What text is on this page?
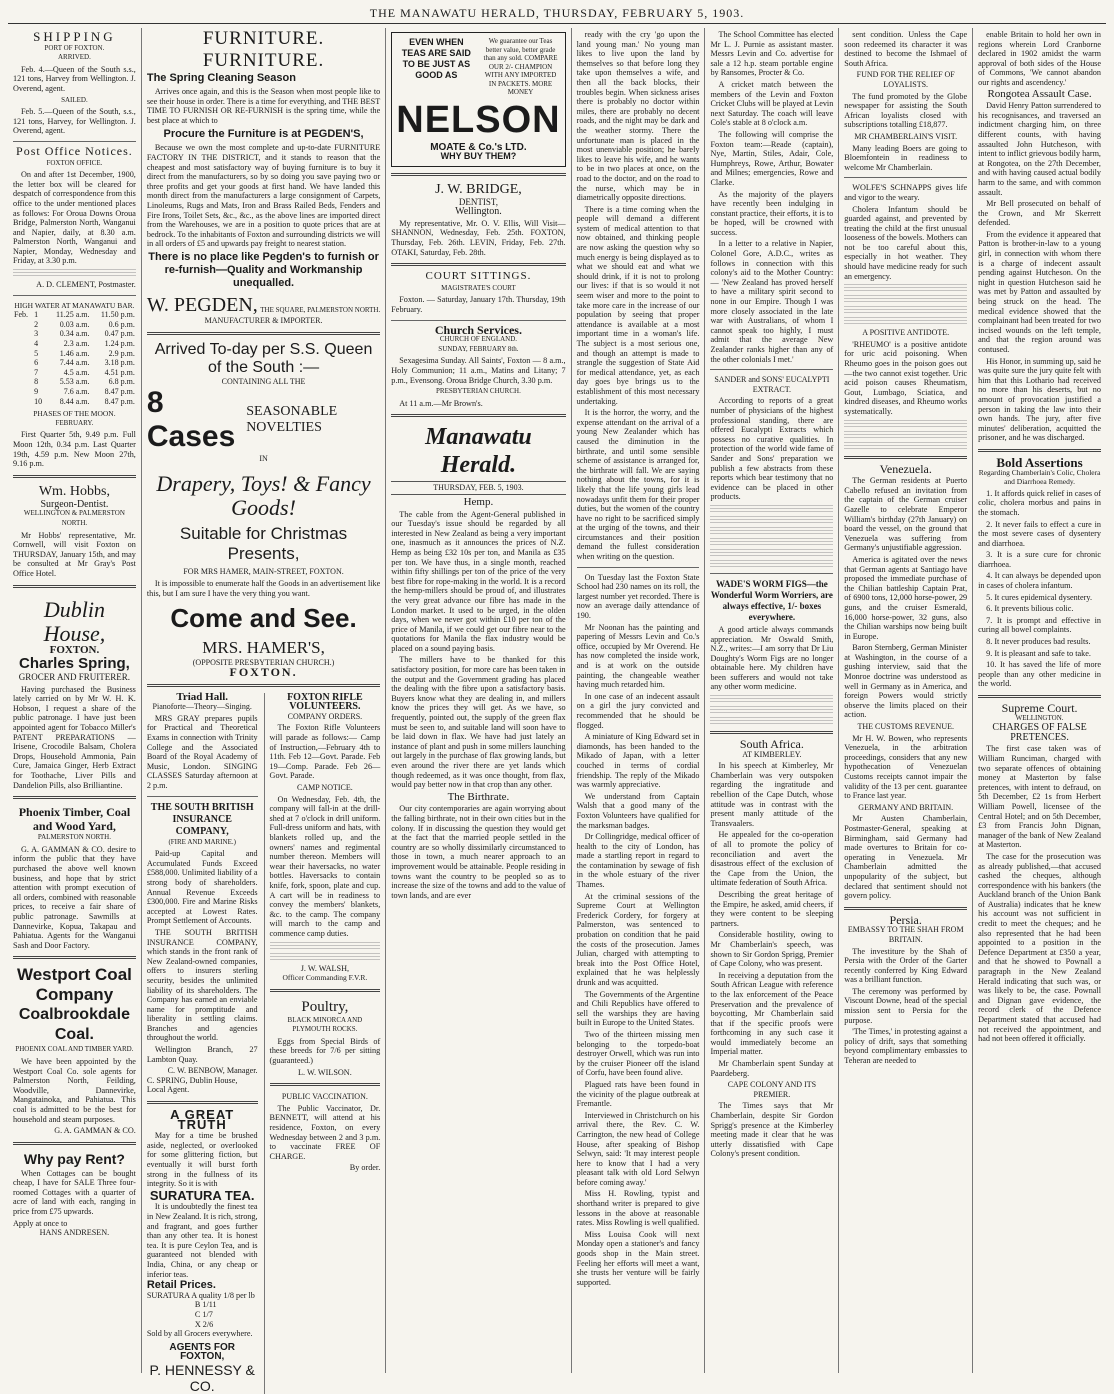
THE MANAWATU HERALD, THURSDAY, FEBRUARY 5, 1903.
SHIPPING
PORT OF FOXTON.
ARRIVED.

Feb. 4.—Queen of the South s.s., 121 tons, Harvey from Wellington. J. Overend, agent.

SAILED.

Feb. 5.—Queen of the South, s.s., 121 tons, Harvey, for Wellington. J. Overend, agent.

Post Office Notices.
FOXTON OFFICE.

On and after 1st December, 1900, the letter box will be cleared for despatch of correspondence from this office to the under mentioned places as follows: For Oroua Downs Oroua Bridge, Palmerston North, Wanganui and Napier, daily, at 8.30 a.m. Palmerston North, Wanganui and Napier, Monday, Wednesday and Friday, at 3.30 p.m.

A. D. CLEMENT, Postmaster.
HIGH WATER AT MANAWATU BAR.
Feb.	1	11.25 a.m.	11.50 p.m.
	2	0.03 a.m.	0.6 p.m.
	3	0.34 a.m.	0.47 p.m.
	4	2.3 a.m.	1.24 p.m.
	5	1.46 a.m.	2.9 p.m.
	6	7.44 a.m.	3.18 p.m.
	7	4.5 a.m.	4.51 p.m.
	8	5.53 a.m.	6.8 p.m.
	9	7.6 a.m.	8.47 p.m.
	10	8.44 a.m.	8.47 p.m.
PHASES OF THE MOON.
FEBRUARY.

First Quarter 5th, 9.49 p.m. Full Moon 12th, 0.34 p.m. Last Quarter 19th, 4.59 p.m. New Moon 27th, 9.16 p.m.

Wm. Hobbs,
Surgeon-Dentist.
WELLINGTON & PALMERSTON NORTH.

Mr Hobbs' representative, Mr. Cornwell, will visit Foxton on THURSDAY, January 15th, and may be consulted at Mr Gray's Post Office Hotel.

Dublin House,
FOXTON.
Charles Spring,
GROCER AND FRUITERER.

Having purchased the Business lately carried on by Mr W. H. K. Hobson, I request a share of the public patronage. I have just been appointed agent for Tobacco Miller's PATENT PREPARATIONS — Irisene, Crocodile Balsam, Cholera Drops, Household Ammonia, Pain Cure, Jamaica Ginger, Herb Extract for Toothache, Liver Pills and Dandelion Pills, also Brilliantine.

Phoenix Timber, Coal and Wood Yard,
PALMERSTON NORTH.

G. A. GAMMAN & CO. desire to inform the public that they have purchased the above well known business, and hope that by strict attention with prompt execution of all orders, combined with reasonable prices, to receive a fair share of public patronage. Sawmills at Dannevirke, Kopua, Takapau and Pahiatua. Agents for the Wanganui Sash and Door Factory.

Westport Coal Company
Coalbrookdale Coal.
PHOENIX COAL AND TIMBER YARD.

We have been appointed by the Westport Coal Co. sole agents for Palmerston North, Feilding, Woodville, Dannevirke, Mangatainoka, and Pahiatua. This coal is admitted to be the best for household and steam purposes.

G. A. GAMMAN & CO.
Why pay Rent?

When Cottages can be bought cheap, I have for SALE Three four-roomed Cottages with a quarter of acre of land with each, ranging in price from £75 upwards.

Apply at once to
HANS ANDRESEN.
FURNITURE. FURNITURE.
The Spring Cleaning Season

Arrives once again, and this is the Season when most people like to see their house in order. There is a time for everything, and THE BEST TIME TO FURNISH OR RE-FURNISH is the spring time, while the best place at which to

Procure the Furniture is at PEGDEN'S,

Because we own the most complete and up-to-date FURNITURE FACTORY IN THE DISTRICT, and it stands to reason that the cheapest and most satisfactory way of buying furniture is to buy it direct from the manufacturers, so by so doing you save paying two or three profits and get your goods at first hand. We have landed this month direct from the manufacturers a large consignment of Carpets, Linoleums, Rugs and Mats, Iron and Brass Railed Beds, Fenders and Fire Irons, Toilet Sets, &c., &c., as the above lines are imported direct from the Warehouses, we are in a position to quote prices that are at bedrock. To the inhabitants of Foxton and surrounding districts we will in all orders of £5 and upwards pay freight to nearest station.

There is no place like Pegden's to furnish or re-furnish—Quality and Workmanship unequalled.
W. PEGDEN, THE SQUARE, PALMERSTON NORTH.
MANUFACTURER & IMPORTER.
Arrived To-day per S.S. Queen of the South :—
CONTAINING ALL THE
8 Cases
SEASONABLE NOVELTIES
IN
Drapery, Toys! & Fancy Goods!
Suitable for Christmas Presents,
FOR MRS HAMER, MAIN-STREET, FOXTON.

It is impossible to enumerate half the Goods in an advertisement like this, but I am sure I have the very thing you want.

Come and See.
MRS. HAMER'S,
(OPPOSITE PRESBYTERIAN CHURCH.)
FOXTON.
Triad Hall.
Pianoforte—Theory—Singing.

MRS GRAY prepares pupils for Practical and Theoretical Exams in connection with Trinity College and the Associated Board of the Royal Academy of Music, London. SINGING CLASSES Saturday afternoon at 2 p.m.

THE SOUTH BRITISH INSURANCE COMPANY,
(FIRE AND MARINE.)

Paid-up Capital and Accumulated Funds Exceed £588,000. Unlimited liability of a strong body of shareholders. Annual Revenue Exceeds £300,000. Fire and Marine Risks accepted at Lowest Rates. Prompt Settlement of Accounts.

THE SOUTH BRITISH INSURANCE COMPANY, which stands in the front rank of New Zealand-owned companies, offers to insurers sterling security, besides the unlimited liability of its shareholders. The Company has earned an enviable name for promptitude and liberality in settling claims. Branches and agencies throughout the world.

Wellington Branch, 27 Lambton Quay.

C. W. BENBOW, Manager.
C. SPRING, Dublin House, Local Agent.
A GREAT TRUTH

May for a time be brushed aside, neglected, or overlooked for some glittering fiction, but eventually it will burst forth strong in the fullness of its integrity. So it is with

SURATURA TEA.

It is undoubtedly the finest tea in New Zealand. It is rich, strong, and fragrant, and goes further than any other tea. It is honest tea. It is pure Ceylon Tea, and is guaranteed not blended with India, China, or any cheap or inferior teas.

Retail Prices.
SURATURA A quality 1/8 per lb
B 1/11
C 1/7
X 2/6
Sold by all Grocers everywhere.
AGENTS FOR FOXTON,
P. HENNESSY & CO.
FOXTON RIFLE VOLUNTEERS.
COMPANY ORDERS.

The Foxton Rifle Volunteers will parade as follows:— Camp of Instruction,—February 4th to 11th. Feb 12—Govt. Parade. Feb 19—Comp. Parade. Feb 26—Govt. Parade.

CAMP NOTICE.

On Wednesday, Feb. 4th, the company will fall-in at the drill-shed at 7 o'clock in drill uniform. Full-dress uniform and hats, with blankets rolled up, and the owners' names and regimental number thereon. Members will wear their haversacks, no water bottles. Haversacks to contain knife, fork, spoon, plate and cup. A cart will be in readiness to convey the members' blankets, &c. to the camp. The company will march to the camp and commence camp duties.

J. W. WALSH,
Officer Commanding F.V.R.
Poultry,
BLACK MINORCA AND PLYMOUTH ROCKS.

Eggs from Special Birds of these breeds for 7/6 per sitting (guaranteed.)

L. W. WILSON.
PUBLIC VACCINATION.

The Public Vaccinator, Dr. BENNETT, will attend at his residence, Foxton, on every Wednesday between 2 and 3 p.m. to vaccinate FREE OF CHARGE.

By order.
EVEN WHEN TEAS ARE SAID TO BE JUST AS GOOD AS
We guarantee our Teas better value, better grade than any sold. COMPARE OUR 2/- CHAMPION WITH ANY IMPORTED IN PACKETS. MORE MONEY
NELSON
MOATE & Co.'s LTD.
WHY BUY THEM?
J. W. BRIDGE,
DENTIST,
Wellington.

My representative, Mr. O. V. Ellis, Will Visit— SHANNON, Wednesday, Feb. 25th. FOXTON, Thursday, Feb. 26th. LEVIN, Friday, Feb. 27th. OTAKI, Saturday, Feb. 28th.

COURT SITTINGS.
MAGISTRATE'S COURT

Foxton. — Saturday, January 17th. Thursday, 19th February.

Church Services.
CHURCH OF ENGLAND.
SUNDAY, FEBRUARY 8th.

Sexagesima Sunday. All Saints', Foxton — 8 a.m., Holy Communion; 11 a.m., Matins and Litany; 7 p.m., Evensong. Oroua Bridge Church, 3.30 p.m.

PRESBYTERIAN CHURCH.

At 11 a.m.—Mr Brown's.

Manawatu Herald.
THURSDAY, FEB. 5, 1903.
Hemp.

The cable from the Agent-General published in our Tuesday's issue should be regarded by all interested in New Zealand as being a very important one, inasmuch as it announces the prices of N.Z. Hemp as being £32 10s per ton, and Manila as £35 per ton. We have thus, in a single month, reached within fifty shillings per ton of the price of the very best fibre for rope-making in the world. It is a record the hemp-millers should be proud of, and illustrates the very great advance our fibre has made in the London market. It used to be urged, in the olden days, when we never got within £10 per ton of the price of Manila, if we could get our fibre near to the quotations for Manila the flax industry would be placed on a sound paying basis.

The millers have to be thanked for this satisfactory position, for more care has been taken in the output and the Government grading has placed the dealing with the fibre upon a satisfactory basis. Buyers know what they are dealing in, and millers know the prices they will get. As we have, so frequently, pointed out, the supply of the green flax must be seen to, and suitable land will soon have to be laid down in flax. We have had just lately an instance of plant and push in some millers launching out largely in the purchase of flax growing lands, but even around the river there are yet lands which though redeemed, as it was once thought, from flax, would pay better now in that crop than any other.

The Birthrate.

Our city contemporaries are again worrying about the falling birthrate, not in their own cities but in the colony. If in discussing the question they would get at the fact that the married people settled in the country are so wholly dissimilarly circumstanced to those in town, a much nearer approach to an improvement would be attainable. People residing in towns want the country to be peopled so as to increase the size of the towns and add to the value of town lands, and are ever

ready with the cry 'go upon the land young man.' No young man likes to live upon the land by themselves so that before long they take upon themselves a wife, and then all the back blocks, their troubles begin. When sickness arises there is probably no doctor within miles, there are probably no decent roads, and the night may be dark and the weather stormy. There the unfortunate man is placed in the most unenviable position; he barely likes to leave his wife, and he wants to be in two places at once, on the road to the doctor, and on the road to the nurse, which may be in diametrically opposite directions.

There is a time coming when the people will demand a different system of medical attention to that now obtained, and thinking people are now asking the question why so much energy is being displayed as to what we should eat and what we should drink, if it is not to prolong our lives: if that is so would it not seem wiser and more to the point to take more care in the increase of our population by seeing that proper attendance is available at a most important time in a woman's life. The subject is a most serious one, and though an attempt is made to strangle the suggestion of State Aid for medical attendance, yet, as each day goes bye brings us to the establishment of this most necessary undertaking.

It is the horror, the worry, and the expense attendant on the arrival of a young New Zealander which has caused the diminution in the birthrate, and until some sensible scheme of assistance is arranged for, the birthrate will fall. We are saying nothing about the towns, for it is likely that the life young girls lead nowadays unfit them for their proper duties, but the women of the country have no right to be sacrificed simply at the urging of the towns, and their circumstances and their position demand the fullest consideration when writing on the question.

On Tuesday last the Foxton State School had 230 names on its roll, the largest number yet recorded. There is now an average daily attendance of 190.

Mr Noonan has the painting and papering of Messrs Levin and Co.'s office, occupied by Mr Overend. He has now completed the inside work, and is at work on the outside painting, the changeable weather having much retarded him.

In one case of an indecent assault on a girl the jury convicted and recommended that he should be flogged.

A miniature of King Edward set in diamonds, has been handed to the Mikado of Japan, with a letter couched in terms of cordial friendship. The reply of the Mikado was warmly appreciative.

We understand from Captain Walsh that a good many of the Foxton Volunteers have qualified for the marksman badges.

Dr Collingridge, medical officer of health to the city of London, has made a startling report in regard to the contamination by sewage of fish in the whole estuary of the river Thames.

At the criminal sessions of the Supreme Court at Wellington Frederick Cordery, for forgery at Palmerston, was sentenced to probation on condition that he paid the costs of the prosecution. James Julian, charged with attempting to break into the Post Office Hotel, explained that he was helplessly drunk and was acquitted.

The Governments of the Argentine and Chili Republics have offered to sell the warships they are having built in Europe to the United States.

Two of the thirteen missing men belonging to the torpedo-boat destroyer Orwell, which was run into by the cruiser Pioneer off the island of Corfu, have been found alive.

Plagued rats have been found in the vicinity of the plague outbreak at Fremantle.

Interviewed in Christchurch on his arrival there, the Rev. C. W. Carrington, the new head of College House, after speaking of Bishop Selwyn, said: 'It may interest people here to know that I had a very pleasant talk with old Lord Selwyn before coming away.'

Miss H. Rowling, typist and shorthand writer is prepared to give lessons in the above at reasonable rates. Miss Rowling is well qualified.

Miss Louisa Cook will next Monday open a stationer's and fancy goods shop in the Main street. Feeling her efforts will meet a want, she trusts her venture will be fairly supported.

The School Committee has elected Mr L. J. Purnie as assistant master. Messrs Levin and Co. advertise for sale a 12 h.p. steam portable engine by Ransomes, Procter & Co.

A cricket match between the members of the Levin and Foxton Cricket Clubs will be played at Levin next Saturday. The coach will leave Cole's stable at 8 o'clock a.m.

The following will comprise the Foxton team:—Reade (captain), Nye, Martin, Stiles, Adair, Cole, Humphreys, Rowe, Arthur, Bowater and Milnes; emergencies, Rowe and Clarke.

As the majority of the players have recently been indulging in constant practice, their efforts, it is to be hoped, will be crowned with success.

In a letter to a relative in Napier, Colonel Gore, A.D.C., writes as follows in connection with this colony's aid to the Mother Country:— 'New Zealand has proved herself to have a military spirit second to none in our Empire. Though I was more closely associated in the late war with Australians, of whom I cannot speak too highly, I must admit that the average New Zealander ranks higher than any of the other colonials I met.'

SANDER and SONS' EUCALYPTI EXTRACT.

According to reports of a great number of physicians of the highest professional standing, there are offered Eucalypti Extracts which possess no curative qualities. In protection of the world wide fame of Sander and Sons' preparation we publish a few abstracts from these reports which bear testimony that no evidence can be placed in other products.

WADE'S WORM FIGS—the Wonderful Worm Worriers, are always effective, 1/- boxes everywhere.

A good article always commands appreciation. Mr Oswald Smith, N.Z., writes:—I am sorry that Dr Liu Doughty's Worm Figs are no longer obtainable here. My children have been sufferers and would not take any other worm medicine.

South Africa.
AT KIMBERLEY.

In his speech at Kimberley, Mr Chamberlain was very outspoken regarding the ingratitude and rebellion of the Cape Dutch, whose attitude was in contrast with the present manly attitude of the Transvaalers.

He appealed for the co-operation of all to promote the policy of reconciliation and avert the disastrous effect of the exclusion of the Cape from the Union, the ultimate federation of South Africa.

Describing the great heritage of the Empire, he asked, amid cheers, if they were content to be sleeping partners.

Considerable hostility, owing to Mr Chamberlain's speech, was shown to Sir Gordon Sprigg, Premier of Cape Colony, who was present.

In receiving a deputation from the South African League with reference to the lax enforcement of the Peace Preservation and the prevalence of boycotting, Mr Chamberlain said that if the specific proofs were forthcoming in any such case it would immediately become an Imperial matter.

Mr Chamberlain spent Sunday at Paardeberg.

CAPE COLONY AND ITS PREMIER.

The Times says that Mr Chamberlain, despite Sir Gordon Sprigg's presence at the Kimberley meeting made it clear that he was utterly dissatisfied with Cape Colony's present condition.

sent condition. Unless the Cape soon redeemed its character it was destined to become the Ishmael of South Africa.

FUND FOR THE RELIEF OF LOYALISTS.

The fund promoted by the Globe newspaper for assisting the South African loyalists closed with subscriptions totalling £18,877.

MR CHAMBERLAIN'S VISIT.

Many leading Boers are going to Bloemfontein in readiness to welcome Mr Chamberlain.

WOLFE'S SCHNAPPS gives life and vigor to the weary.

Cholera Infantum should be guarded against, and prevented by treating the child at the first unusual looseness of the bowels. Mothers can not be too careful about this, especially in hot weather. They should have medicine ready for such an emergency.

A POSITIVE ANTIDOTE.

'RHEUMO' is a positive antidote for uric acid poisoning. When Rheumo goes in the poison goes out—the two cannot exist together. Uric acid poison causes Rheumatism, Gout, Lumbago, Sciatica, and kindred diseases, and Rheumo works systematically.

Venezuela.

The German residents at Puerto Cabello refused an invitation from the captain of the German cruiser Gazelle to celebrate Emperor William's birthday (27th January) on board the vessel, on the ground that Venezuela was suffering from Germany's unjustifiable aggression.

America is agitated over the news that German agents at Santiago have proposed the immediate purchase of the Chilian battleship Captain Prat, of 6900 tons, 12,000 horse-power, 29 guns, and the cruiser Esmerald, 16,000 horse-power, 32 guns, also the Chilian warships now being built in Europe.

Baron Sternberg, German Minister at Washington, in the course of a gushing interview, said that the Monroe doctrine was understood as well in Germany as in America, and foreign Powers would strictly observe the limits placed on their action.

THE CUSTOMS REVENUE.

Mr H. W. Bowen, who represents Venezuela, in the arbitration proceedings, considers that any new hypothecation of Venezuelan Customs receipts cannot impair the validity of the 13 per cent. guarantee to France last year.

GERMANY AND BRITAIN.

Mr Austen Chamberlain, Postmaster-General, speaking at Birmingham, said Germany had made overtures to Britain for co-operating in Venezuela. Mr Chamberlain admitted the unpopularity of the subject, but declared that sentiment should not govern policy.

Persia.
EMBASSY TO THE SHAH FROM BRITAIN.

The investiture by the Shah of Persia with the Order of the Garter recently conferred by King Edward was a brilliant function.

The ceremony was performed by Viscount Downe, head of the special mission sent to Persia for the purpose.

'The Times,' in protesting against a policy of drift, says that something beyond complimentary embassies to Teheran are needed to

enable Britain to hold her own in regions wherein Lord Cranborne declared in 1902 amidst the warm approval of both sides of the House of Commons, 'We cannot abandon our rights and ascendency.'

Rongotea Assault Case.

David Henry Patton surrendered to his recognisances, and traversed an indictment charging him, on three different counts, with having assaulted John Hutcheson, with intent to inflict grievous bodily harm, at Rongotea, on the 27th December, and with having caused actual bodily harm to the same, and with common assault.

Mr Bell prosecuted on behalf of the Crown, and Mr Skerrett defended.

From the evidence it appeared that Patton is brother-in-law to a young girl, in connection with whom there is a charge of indecent assault pending against Hutcheson. On the night in question Hutcheson said he was met by Patton and assaulted by being struck on the head. The medical evidence showed that the complainant had been treated for two incised wounds on the left temple, and that the region around was contused.

His Honor, in summing up, said he was quite sure the jury quite felt with him that this Lothario had received no more than his deserts, but no amount of provocation justified a person in taking the law into their own hands. The jury, after five minutes' deliberation, acquitted the prisoner, and he was discharged.

Bold Assertions
Regarding Chamberlain's Colic, Cholera and Diarrhoea Remedy.

1. It affords quick relief in cases of colic, cholera morbus and pains in the stomach.

2. It never fails to effect a cure in the most severe cases of dysentery and diarrhoea.

3. It is a sure cure for chronic diarrhoea.

4. It can always be depended upon in cases of cholera infantum.

5. It cures epidemical dysentery.

6. It prevents bilious colic.

7. It is prompt and effective in curing all bowel complaints.

8. It never produces bad results.

9. It is pleasant and safe to take.

10. It has saved the life of more people than any other medicine in the world.

Supreme Court.
WELLINGTON.
CHARGES OF FALSE PRETENCES.

The first case taken was of William Runciman, charged with two separate offences of obtaining money at Masterton by false pretences, with intent to defraud, on 5th December, £2 1s from Herbert William Powell, licensee of the Central Hotel; and on 5th December, £3 from Francis John Dignan, manager of the bank of New Zealand at Masterton.

The case for the prosecution was as already published,—that accused cashed the cheques, although correspondence with his bankers (the Auckland branch of the Union Bank of Australia) indicates that he knew his account was not sufficient in credit to meet the cheques; and he also represented that he had been appointed to a position in the Defence Department at £350 a year, and that he showed to Pownall a paragraph in the New Zealand Herald indicating that such was, or was likely to be, the case. Pownall and Dignan gave evidence, the record clerk of the Defence Department stated that accused had not received the appointment, and had not been offered it officially.
